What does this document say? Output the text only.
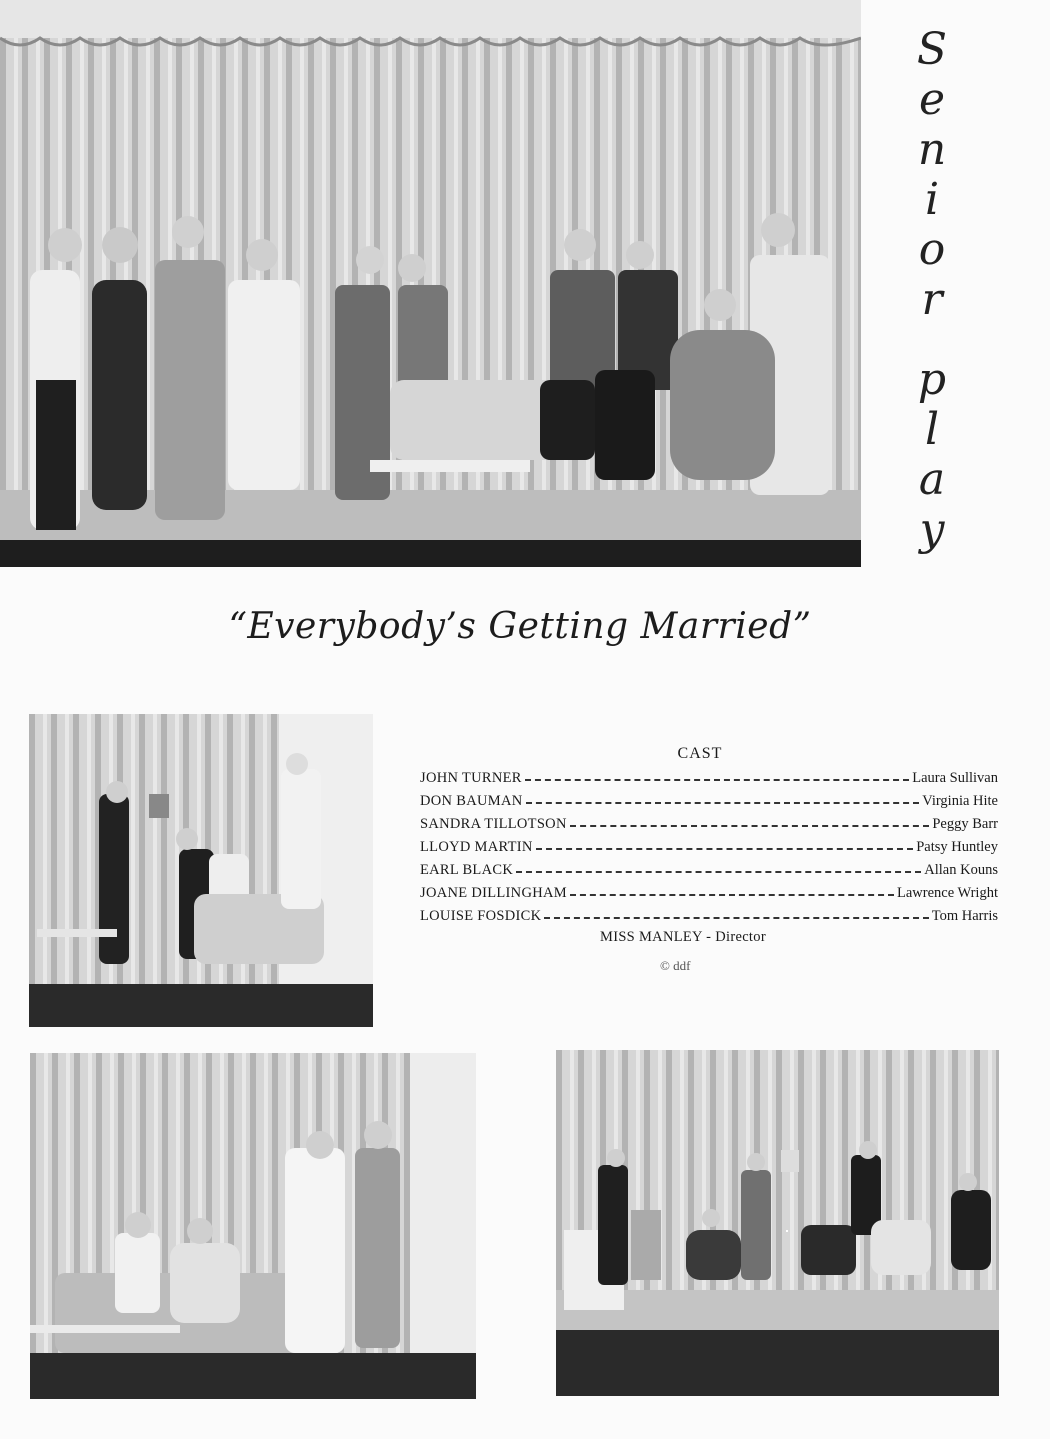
S
e
n
i
o
r
p
l
a
y
“Everybody’s Getting Married”
CAST
JOHN TURNER	Laura Sullivan
DON BAUMAN	Virginia Hite
SANDRA TILLOTSON	Peggy Barr
LLOYD MARTIN	Patsy Huntley
EARL BLACK	Allan Kouns
JOANE DILLINGHAM	Lawrence Wright
LOUISE FOSDICK	Tom Harris
MISS MANLEY - Director
© ddf
